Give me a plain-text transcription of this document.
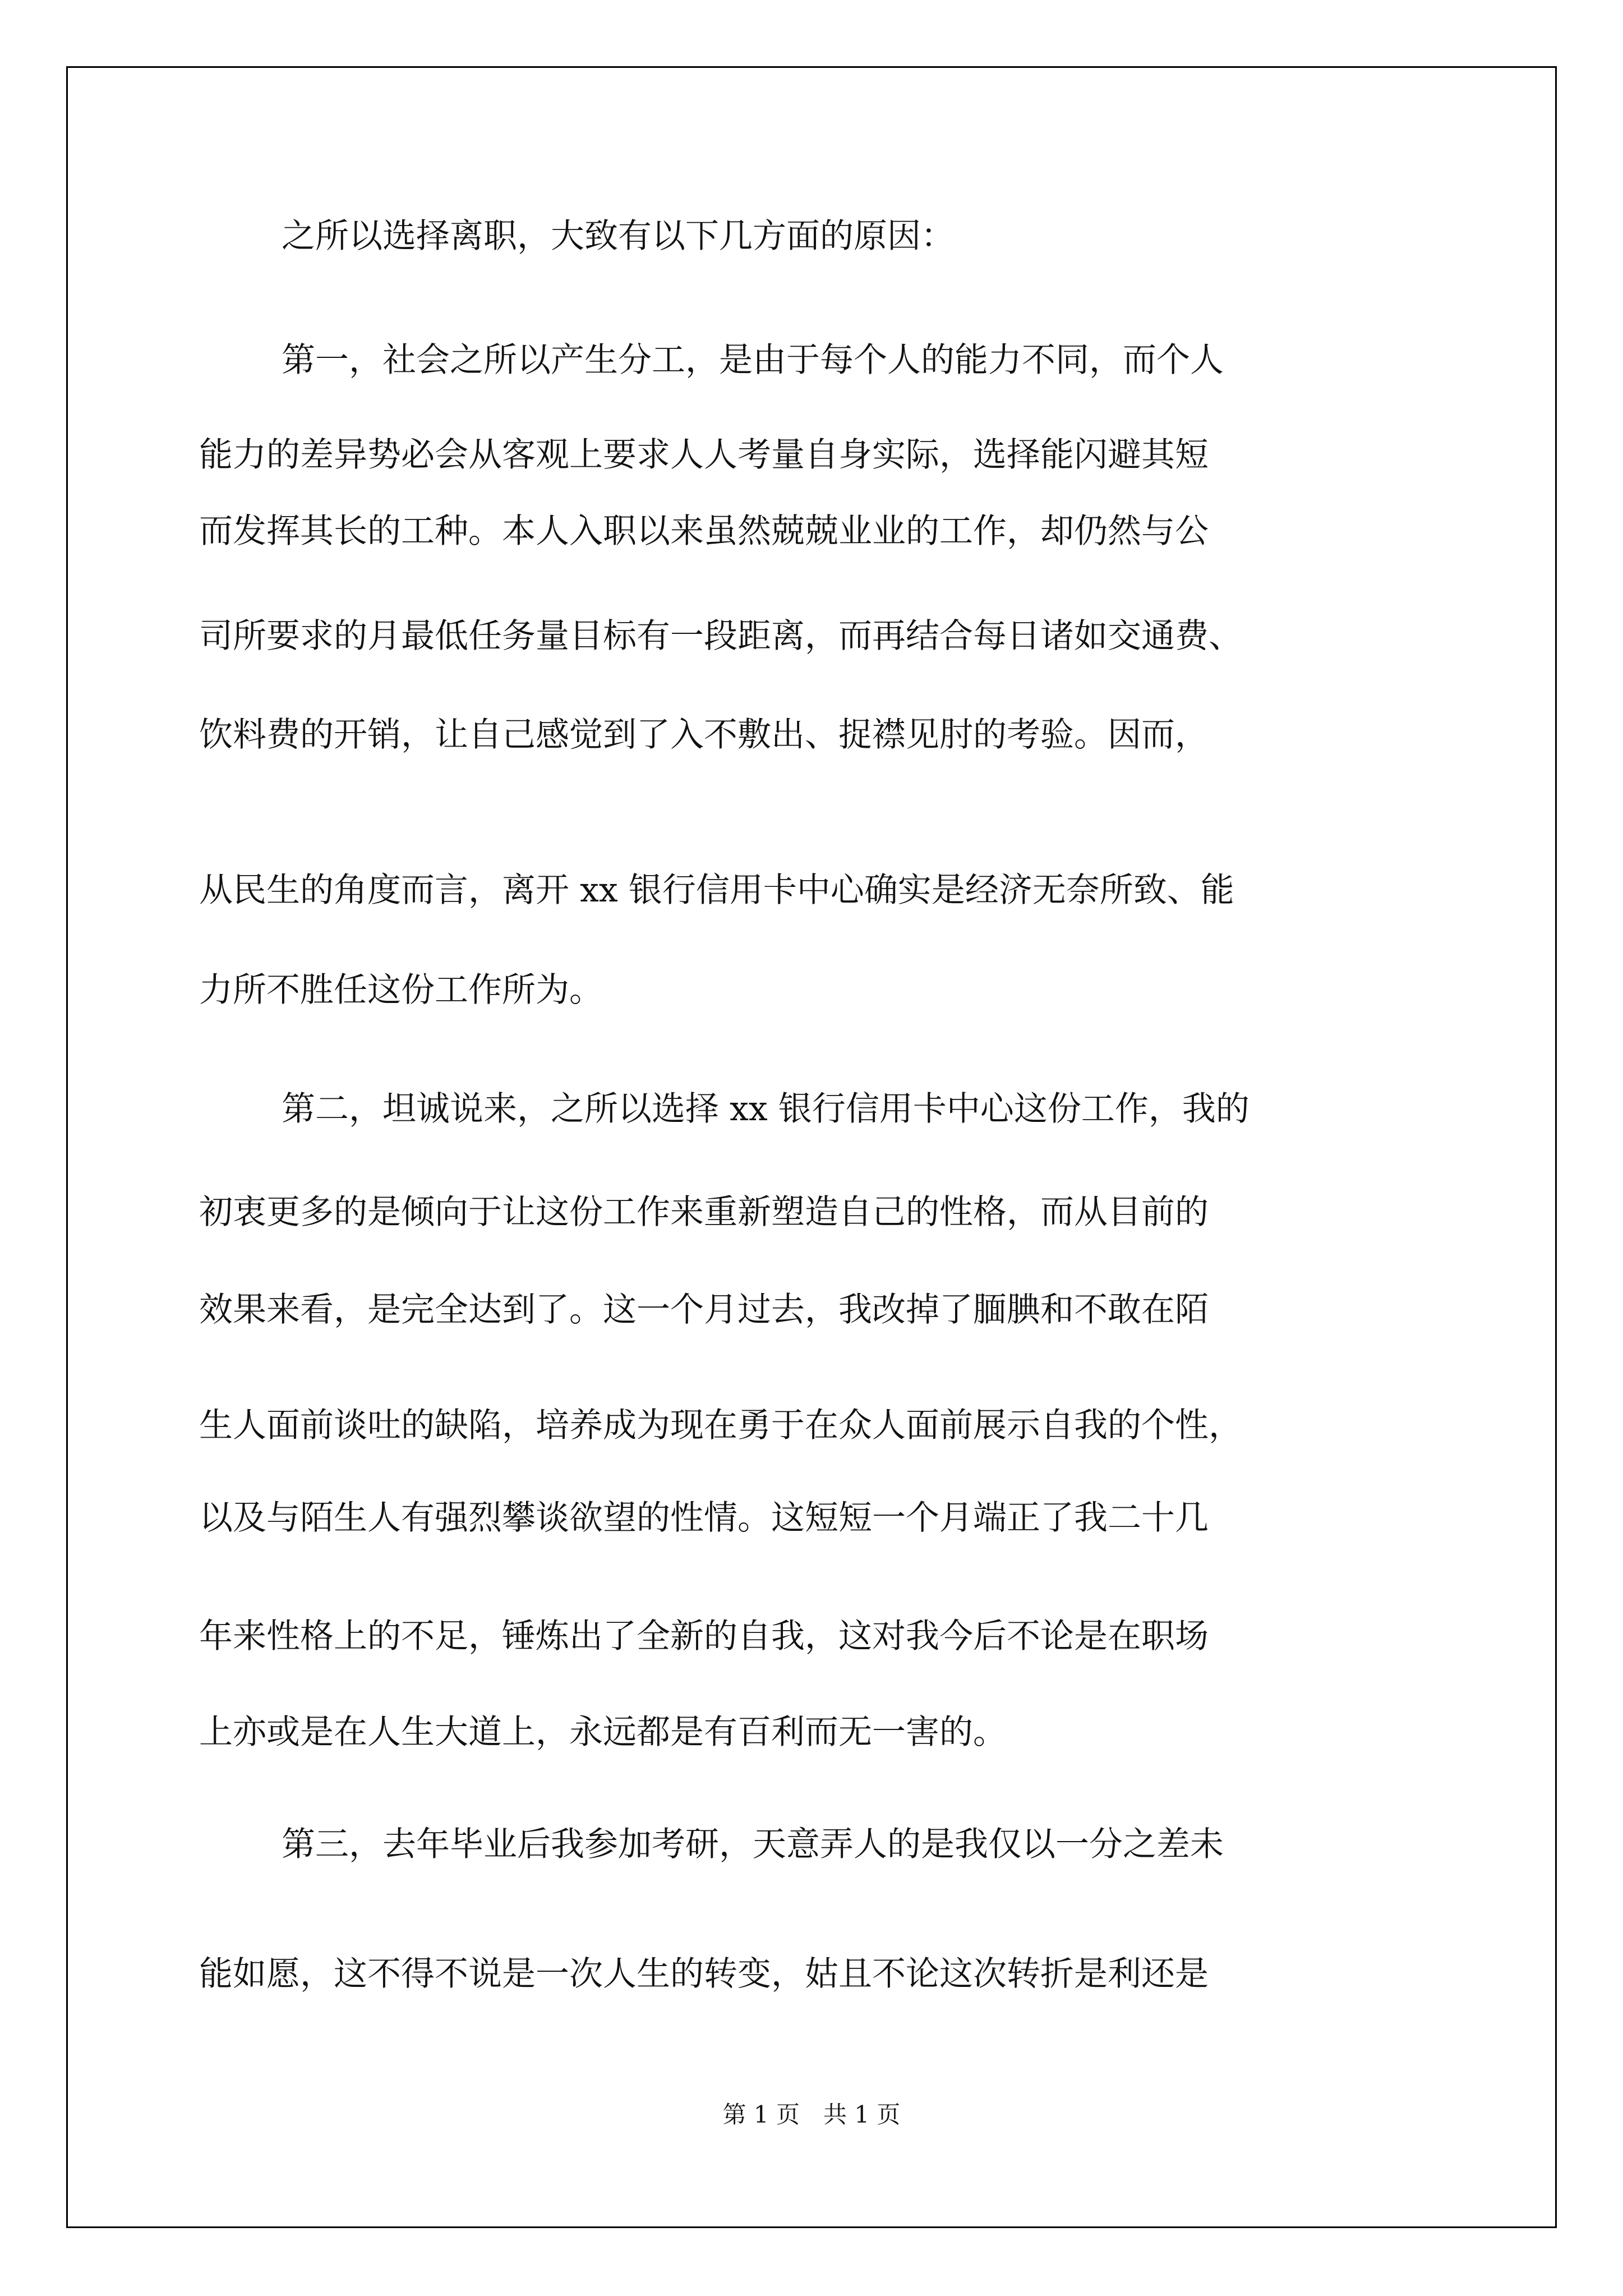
之所以选择离职，大致有以下几方面的原因：

第一，社会之所以产生分工，是由于每个人的能力不同，而个人

能力的差异势必会从客观上要求人人考量自身实际，选择能闪避其短

而发挥其长的工种。本人入职以来虽然兢兢业业的工作，却仍然与公

司所要求的月最低任务量目标有一段距离，而再结合每日诸如交通费、

饮料费的开销，让自己感觉到了入不敷出、捉襟见肘的考验。因而，

从民生的角度而言，离开 xx 银行信用卡中心确实是经济无奈所致、能

力所不胜任这份工作所为。

第二，坦诚说来，之所以选择 xx 银行信用卡中心这份工作，我的

初衷更多的是倾向于让这份工作来重新塑造自己的性格，而从目前的

效果来看，是完全达到了。这一个月过去，我改掉了腼腆和不敢在陌

生人面前谈吐的缺陷，培养成为现在勇于在众人面前展示自我的个性，

以及与陌生人有强烈攀谈欲望的性情。这短短一个月端正了我二十几

年来性格上的不足，锤炼出了全新的自我，这对我今后不论是在职场

上亦或是在人生大道上，永远都是有百利而无一害的。

第三，去年毕业后我参加考研，天意弄人的是我仅以一分之差未

能如愿，这不得不说是一次人生的转变，姑且不论这次转折是利还是

第 1 页　共 1 页
